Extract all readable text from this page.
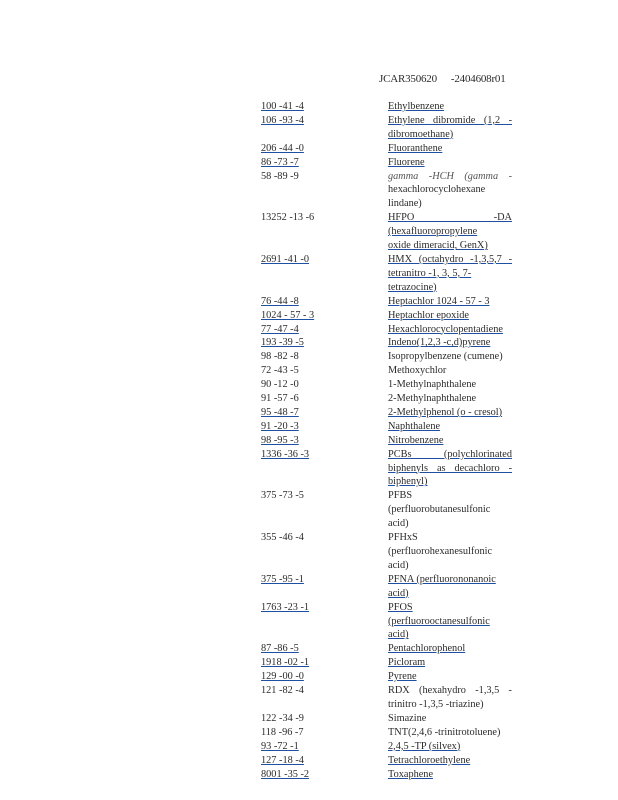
JCAR350620 -2404608r01
100 -41 -4	Ethylbenzene

106 -93 -4	Ethylene dibromide (1,2 -
dibromoethane)

206 -44 -0	Fluoranthene

86 -73 -7	Fluorene

58 -89 -9	gamma -HCH (gamma -
hexachlorocyclohexane
lindane)

13252 -13 -6	HFPO -DA (hexafluoropropylene
oxide dimeracid, GenX)

2691 -41 -0	HMX (octahydro -1,3,5,7 -
tetranitro -1, 3, 5, 7-tetrazocine)

76 -44 -8	Heptachlor 1024 - 57 - 3

1024 - 57 - 3	Heptachlor epoxide

77 -47 -4	Hexachlorocyclopentadiene

193 -39 -5	Indeno(1,2,3 -c,d)pyrene

98 -82 -8	Isopropylbenzene (cumene)

72 -43 -5	Methoxychlor

90 -12 -0	1-Methylnaphthalene

91 -57 -6	2-Methylnaphthalene

95 -48 -7	2-Methylphenol (o - cresol)

91 -20 -3	Naphthalene

98 -95 -3	Nitrobenzene

1336 -36 -3	PCBs (polychlorinated
biphenyls as decachloro -
biphenyl)

375 -73 -5	PFBS (perfluorobutanesulfonic
acid)

355 -46 -4	PFHxS (perfluorohexanesulfonic
acid)

375 -95 -1	PFNA (perfluorononanoic acid)

1763 -23 -1	PFOS (perfluorooctanesulfonic
acid)

87 -86 -5	Pentachlorophenol

1918 -02 -1	Picloram

129 -00 -0	Pyrene

121 -82 -4	RDX (hexahydro -1,3,5 -
trinitro -1,3,5 -triazine)

122 -34 -9	Simazine

118 -96 -7	TNT(2,4,6 -trinitrotoluene)

93 -72 -1	2,4,5 -TP (silvex)

127 -18 -4	Tetrachloroethylene

8001 -35 -2	Toxaphene
